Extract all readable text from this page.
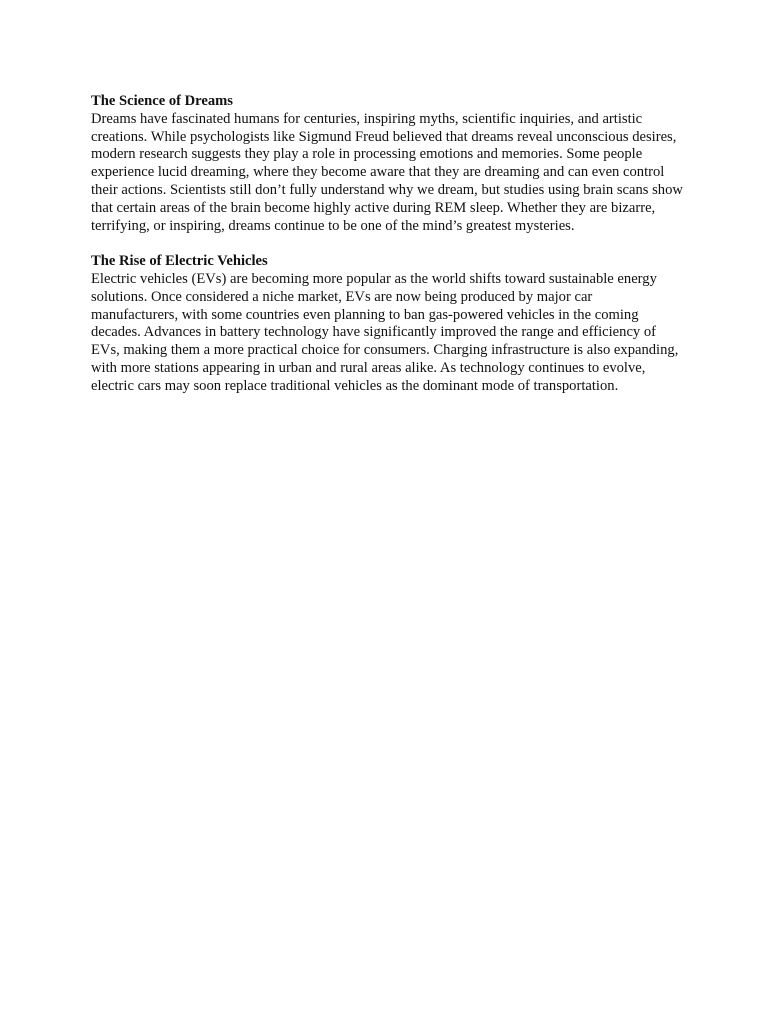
The Science of Dreams

Dreams have fascinated humans for centuries, inspiring myths, scientific inquiries, and artistic creations. While psychologists like Sigmund Freud believed that dreams reveal unconscious desires, modern research suggests they play a role in processing emotions and memories. Some people experience lucid dreaming, where they become aware that they are dreaming and can even control their actions. Scientists still don’t fully understand why we dream, but studies using brain scans show that certain areas of the brain become highly active during REM sleep. Whether they are bizarre, terrifying, or inspiring, dreams continue to be one of the mind’s greatest mysteries.

The Rise of Electric Vehicles

Electric vehicles (EVs) are becoming more popular as the world shifts toward sustainable energy solutions. Once considered a niche market, EVs are now being produced by major car manufacturers, with some countries even planning to ban gas-powered vehicles in the coming decades. Advances in battery technology have significantly improved the range and efficiency of EVs, making them a more practical choice for consumers. Charging infrastructure is also expanding, with more stations appearing in urban and rural areas alike. As technology continues to evolve, electric cars may soon replace traditional vehicles as the dominant mode of transportation.
